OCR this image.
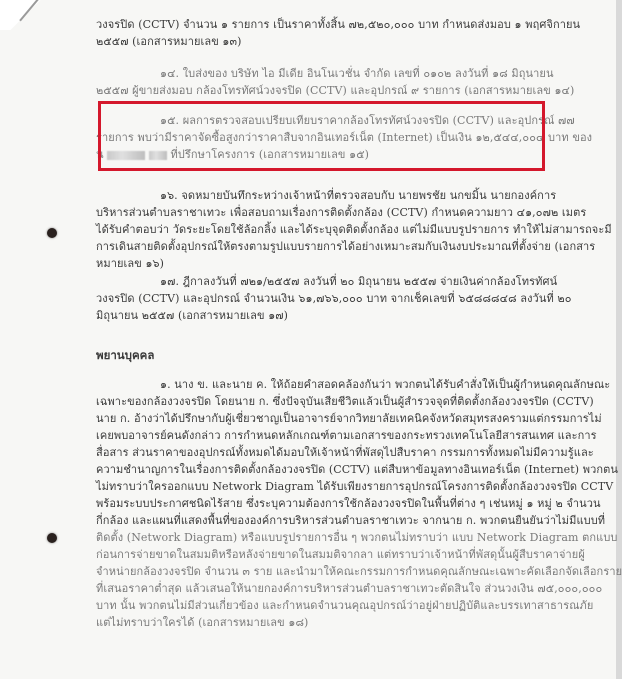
วงจรปิด (CCTV) จำนวน ๑ รายการ เป็นราคาทั้งสิ้น ๗๒,๕๒๐,๐๐๐ บาท กำหนดส่งมอบ ๑ พฤศจิกายน
๒๕๕๗ (เอกสารหมายเลข ๑๓)
๑๔. ใบส่งของ บริษัท ไอ มีเดีย อินโนเวชั่น จำกัด เลขที่ ๐๑๐๒ ลงวันที่ ๑๘ มิถุนายน
๒๕๕๗ ผู้ขายส่งมอบ กล้องโทรทัศน์วงจรปิด (CCTV) และอุปกรณ์ ๙ รายการ (เอกสารหมายเลข ๑๔)
๑๕. ผลการตรวจสอบเปรียบเทียบราคากล้องโทรทัศน์วงจรปิด (CCTV) และอุปกรณ์ ๗๗
รายการ พบว่ามีราคาจัดซื้อสูงกว่าราคาสืบจากอินเทอร์เน็ต (Internet) เป็นเงิน ๑๒,๕๔๔,๐๐๔ บาท ของ
น	ที่ปรึกษาโครงการ (เอกสารหมายเลข ๑๕)
๑๖. จดหมายบันทึกระหว่างเจ้าหน้าที่ตรวจสอบกับ นายพรชัย นกขมิ้น นายกองค์การ
บริหารส่วนตำบลราชาเทวะ เพื่อสอบถามเรื่องการติดตั้งกล้อง (CCTV) กำหนดความยาว ๔๑,๐๗๒ เมตร
ได้รับคำตอบว่า วัดระยะโดยใช้ล้อกลิ้ง และได้ระบุจุดติดตั้งกล้อง แต่ไม่มีแบบรูปรายการ ทำให้ไม่สามารถจะมี
การเดินสายติดตั้งอุปกรณ์ให้ตรงตามรูปแบบรายการได้อย่างเหมาะสมกับเงินงบประมาณที่ตั้งจ่าย (เอกสาร
หมายเลข ๑๖)
๑๗. ฎีกาลงวันที่ ๗๒๑/๒๕๕๗ ลงวันที่ ๒๐ มิถุนายน ๒๕๕๗ จ่ายเงินค่ากล้องโทรทัศน์
วงจรปิด (CCTV) และอุปกรณ์ จำนวนเงิน ๖๑,๗๖๖,๐๐๐ บาท จากเช็คเลขที่ ๖๕๘๘๘๔๘ ลงวันที่ ๒๐
มิถุนายน ๒๕๕๗ (เอกสารหมายเลข ๑๗)
พยานบุคคล
๑. นาง ข. และนาย ค. ให้ถ้อยคำสอดคล้องกันว่า พวกตนได้รับคำสั่งให้เป็นผู้กำหนดคุณลักษณะ
เฉพาะของกล้องวงจรปิด โดยนาย ก. ซึ่งปัจจุบันเสียชีวิตแล้วเป็นผู้สำรวจจุดที่ติดตั้งกล้องวงจรปิด (CCTV)
นาย ก. อ้างว่าได้ปรึกษากับผู้เชี่ยวชาญเป็นอาจารย์จากวิทยาลัยเทคนิคจังหวัดสมุทรสงครามแต่กรรมการไม่
เคยพบอาจารย์คนดังกล่าว การกำหนดหลักเกณฑ์ตามเอกสารของกระทรวงเทคโนโลยีสารสนเทศ และการ
สื่อสาร ส่วนราคาของอุปกรณ์ทั้งหมดได้มอบให้เจ้าหน้าที่พัสดุไปสืบราคา กรรมการทั้งหมดไม่มีความรู้และ
ความชำนาญการในเรื่องการติดตั้งกล้องวงจรปิด (CCTV) แต่สืบหาข้อมูลทางอินเทอร์เน็ต (Internet) พวกตน
ไม่ทราบว่าใครออกแบบ Network Diagram ได้รับเพียงรายการอุปกรณ์โครงการติดตั้งกล้องวงจรปิด CCTV
พร้อมระบบประกาศชนิดไร้สาย ซึ่งระบุความต้องการใช้กล้องวงจรปิดในพื้นที่ต่าง ๆ เช่นหมู่ ๑ หมู่ ๒ จำนวน
กี่กล้อง และแผนที่แสดงพื้นที่ขององค์การบริหารส่วนตำบลราชาเทวะ จากนาย ก. พวกตนยืนยันว่าไม่มีแบบที่
ติดตั้ง (Network Diagram) หรือแบบรูปรายการอื่น ๆ พวกตนไม่ทราบว่า แบบ Network Diagram ตกแบบ
ก่อนการจ่ายขาดในสมมติหรือหลังจ่ายขาดในสมมติจากลา แต่ทราบว่าเจ้าหน้าที่พัสดุนั้นผู้สืบราคาจ่ายผู้
จำหน่ายกล้องวงจรปิด จำนวน ๓ ราย และนำมาให้คณะกรรมการกำหนดคุณลักษณะเฉพาะคัดเลือกจัดเลือกราย
ที่เสนอราคาต่ำสุด แล้วเสนอให้นายกองค์การบริหารส่วนตำบลราชาเทวะตัดสินใจ ส่วนวงเงิน ๗๕,๐๐๐,๐๐๐
บาท นั้น พวกตนไม่มีส่วนเกี่ยวข้อง และกำหนดจำนวนคุณอุปกรณ์ว่าอยู่ฝ่ายปฏิบัติและบรรเทาสาธารณภัย
แต่ไม่ทราบว่าใครได้ (เอกสารหมายเลข ๑๘)
